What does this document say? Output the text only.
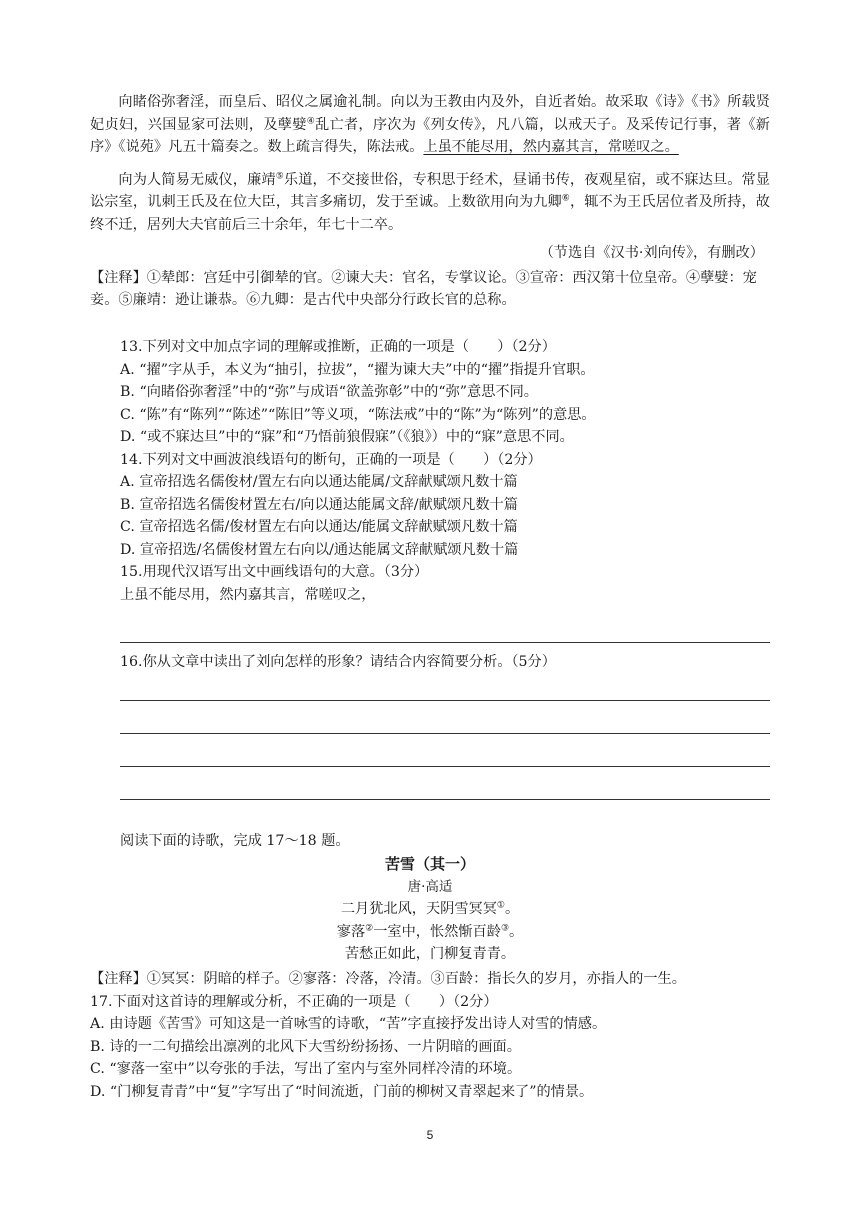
向睹俗弥奢淫，而皇后、昭仪之属逾礼制。向以为王教由内及外，自近者始。故采取《诗》《书》所载贤妃贞妇，兴国显家可法则，及孽嬖④乱亡者，序次为《列女传》，凡八篇，以戒天子。及采传记行事，著《新序》《说苑》凡五十篇奏之。数上疏言得失，陈法戒。上虽不能尽用，然内嘉其言，常嗟叹之。

向为人简易无威仪，廉靖⑤乐道，不交接世俗，专积思于经术，昼诵书传，夜观星宿，或不寐达旦。常显讼宗室，讥刺王氏及在位大臣，其言多痛切，发于至诚。上数欲用向为九卿⑥，辄不为王氏居位者及所持，故终不迁，居列大夫官前后三十余年，年七十二卒。

（节选自《汉书·刘向传》，有删改）

【注释】①辇郎：宫廷中引御辇的官。②谏大夫：官名，专掌议论。③宣帝：西汉第十位皇帝。④孽嬖：宠妾。⑤廉靖：逊让谦恭。⑥九卿：是古代中央部分行政长官的总称。

13.下列对文中加点字词的理解或推断，正确的一项是（　　）（2分）

A. “擢”字从手，本义为“抽引，拉拔”，“擢为谏大夫”中的“擢”指提升官职。

B. “向睹俗弥奢淫”中的“弥”与成语“欲盖弥彰”中的“弥”意思不同。

C. “陈”有“陈列”“陈述”“陈旧”等义项，“陈法戒”中的“陈”为“陈列”的意思。

D. “或不寐达旦”中的“寐”和“乃悟前狼假寐”（《狼》）中的“寐”意思不同。

14.下列对文中画波浪线语句的断句，正确的一项是（　　）（2分）

A. 宣帝招选名儒俊材/置左右向以通达能属/文辞献赋颂凡数十篇

B. 宣帝招选名儒俊材置左右/向以通达能属文辞/献赋颂凡数十篇

C. 宣帝招选名儒/俊材置左右向以通达/能属文辞献赋颂凡数十篇

D. 宣帝招选/名儒俊材置左右向以/通达能属文辞献赋颂凡数十篇

15.用现代汉语写出文中画线语句的大意。（3分）

上虽不能尽用，然内嘉其言，常嗟叹之，

16.你从文章中读出了刘向怎样的形象？请结合内容简要分析。（5分）

阅读下面的诗歌，完成 17～18 题。

苦雪（其一）

唐·高适

二月犹北风，天阴雪冥冥①。

寥落②一室中，怅然惭百龄③。

苦愁正如此，门柳复青青。

【注释】①冥冥：阴暗的样子。②寥落：冷落，冷清。③百龄：指长久的岁月，亦指人的一生。

17.下面对这首诗的理解或分析，不正确的一项是（　　）（2分）

A. 由诗题《苦雪》可知这是一首咏雪的诗歌，“苦”字直接抒发出诗人对雪的情感。

B. 诗的一二句描绘出凛冽的北风下大雪纷纷扬扬、一片阴暗的画面。

C. “寥落一室中”以夸张的手法，写出了室内与室外同样冷清的环境。

D. “门柳复青青”中“复”字写出了“时间流逝，门前的柳树又青翠起来了”的情景。

5
